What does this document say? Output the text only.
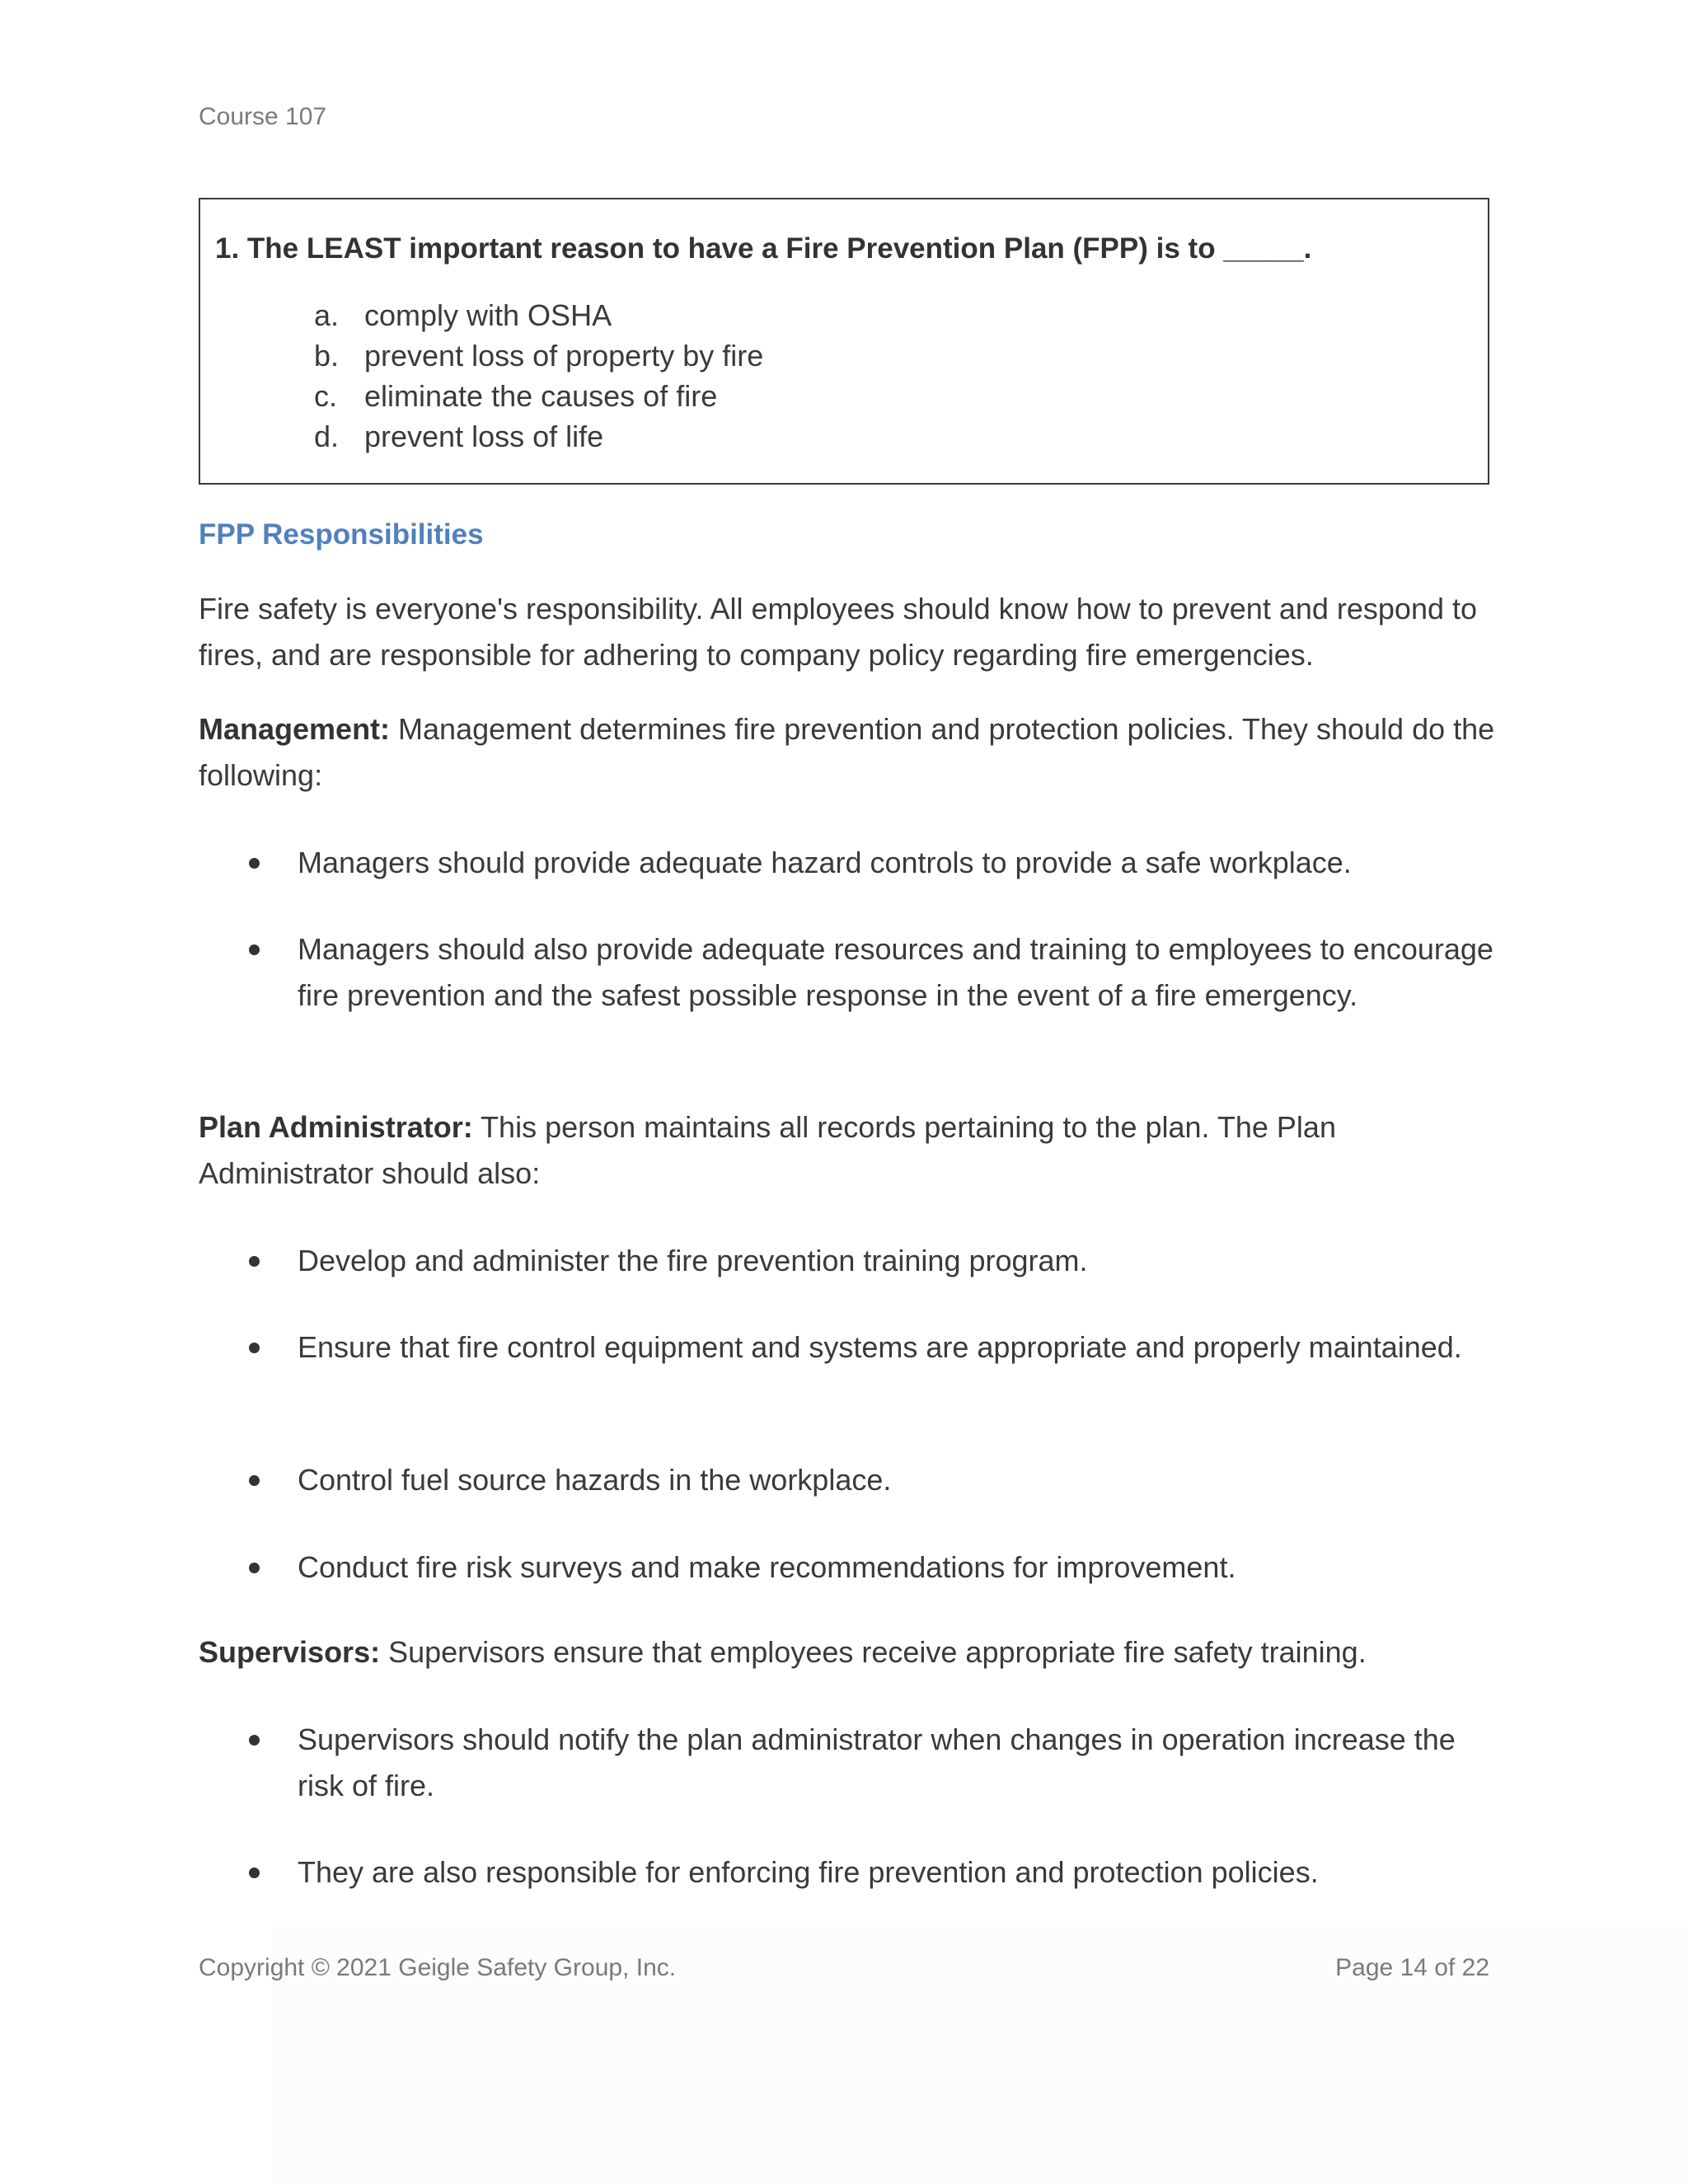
Course 107
1. The LEAST important reason to have a Fire Prevention Plan (FPP) is to _____.
a. comply with OSHA
b. prevent loss of property by fire
c. eliminate the causes of fire
d. prevent loss of life
FPP Responsibilities
Fire safety is everyone's responsibility. All employees should know how to prevent and respond to fires, and are responsible for adhering to company policy regarding fire emergencies.
Management: Management determines fire prevention and protection policies. They should do the following:
Managers should provide adequate hazard controls to provide a safe workplace.
Managers should also provide adequate resources and training to employees to encourage fire prevention and the safest possible response in the event of a fire emergency.
Plan Administrator: This person maintains all records pertaining to the plan. The Plan Administrator should also:
Develop and administer the fire prevention training program.
Ensure that fire control equipment and systems are appropriate and properly maintained.
Control fuel source hazards in the workplace.
Conduct fire risk surveys and make recommendations for improvement.
Supervisors: Supervisors ensure that employees receive appropriate fire safety training.
Supervisors should notify the plan administrator when changes in operation increase the risk of fire.
They are also responsible for enforcing fire prevention and protection policies.
Copyright © 2021 Geigle Safety Group, Inc.	Page 14 of 22
